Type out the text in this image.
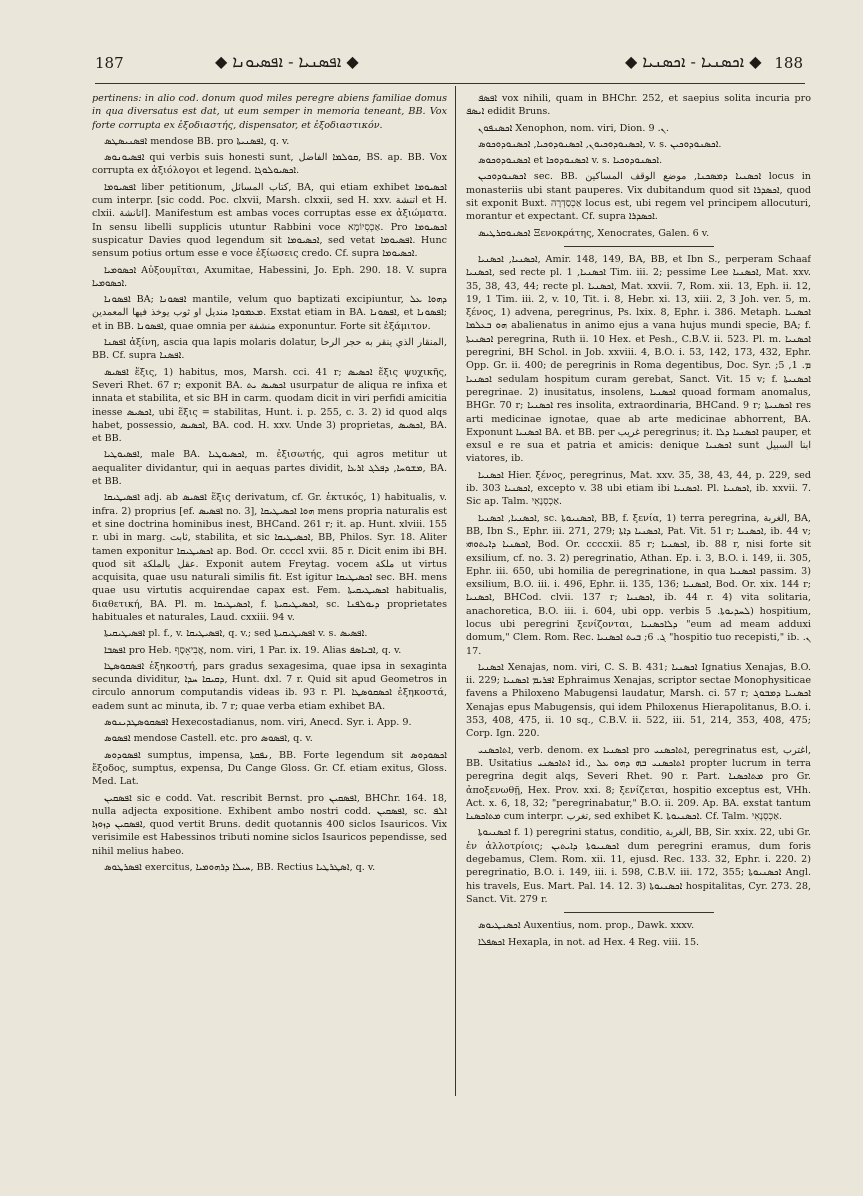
187	◆ ܐܦܣܢܝܐ - ܐܦܣܝܘܢܐ ◆	◆ ܐܟܣܢܝܐ - ܐܟܣܢܝܐ ◆ 188

pertinens: in alio cod. donum quod miles peregre abiens familiae domus in qua diversatus est dat, ut eum semper in memoria teneant, BB. Vox forte corrupta ex ἐξοδιαστής, dispensator, et ἐξοδιαστικόν.

ܐܦܣܢܝܣܛܣ mendose BB. pro ܐܦܣܢܝܬܐ, q. v.

ܐܦܣܝܘܢܘܣ qui verbis suis honesti sunt, ܩܘܠܡܐ الفاضل, BS. ap. BB. Vox corrupta ex ἀξιόλογοι et legend. ܐܟܣܝܘܠܘܓܐ.

ܐܦܣܝܘܡܐ liber petitionum, كتاب المسائل, BA, qui etiam exhibet ܐܟܣܝܘܡܐ cum interpr. [sic codd. Poc. clxvii, Marsh. clxxii, sed H. xxv. اتنشة et H. clxii. اتانشة]. Manifestum est ambas voces corruptas esse ex ἀξιώματα. In sensu libelli supplicis utuntur Rabbini voce אַכְסִיוֹמָא. Pro ܐܟܣܝܘܡܐ suspicatur Davies quod legendum sit ܐܟܣܝܘܡܐ, sed vetat ܐܦܣܝܘܡܐ. Hunc sensum potius ortum esse e voce ἐξίωσεις credo. Cf. supra ܐܟܣܝܘܡܐ.

ܐܟܣܘܡܝܐ Αὐξουμῖται, Axumitae, Habessini, Jo. Eph. 290. 18. V. supra ܐܟܣܘܡܝܐ.

ܐܦܣܘܢܐ BA; ܐܦܣܘܢܐ mantile, velum quo baptizati excipiuntur, ܕܗܘܐ ܥܠ ܡܥܡܘܕܐ منديل او ثوب يوخذ فيها المعمدين. Exstat etiam in BA. ܐܦܣܘܢܐ, et ܐܦܣܘܢܐ; et in BB. ܐܦܣܘܢܐ, quae omnia per منشفة exponuntur. Forte sit ἐξάμιτον.

ܐܦܣܢܐ ἀξίνη, ascia qua lapis molaris dolatur, المنقار الذي ينقر به حجر الرحا, BB. Cf. supra ܐܦܣܢܐ.

ܐܦܣܝܣ ἕξις, 1) habitus, mos, Marsh. cci. 41 r; ܐܟܣܝܣ ἕξις ψυχικῆς, Severi Rhet. 67 r; exponit BA. ܐܟܣܝܣ ܝܬ usurpatur de aliqua re infixa et innata et stabilita, et sic BH in carm. quodam dicit in viri perfidi amicitia inesse ܐܟܣܝܣ, ubi ἕξις = stabilitas, Hunt. i. p. 255, c. 3. 2) id quod alqs habet, possessio, ܐܟܣܝܣ, BA. cod. H. xxv. Unde 3) proprietas, ܐܟܣܝܣ, BA. et BB.

ܐܦܣܝܘܛܝܐ, male BA. ܐܟܣܝܘܛܝܐ, m. ἐξισωτής, qui agros metitur ut aequaliter dividantur, qui in aequas partes dividit, ܡܫܘܚܐ, ܕܦܠܓ ܐܪܥܐ, BA. et BB.

ܐܦܣܝܛܝܩܐ adj. ab ܐܦܣܝܣ ἕξις derivatum, cf. Gr. ἑκτικός, 1) habitualis, v. infra. 2) proprius [ef. ܐܦܣܝܣ no. 3], ܗܘܐ ܐܟܣܝܛܝܩܐ mens propria naturalis est et sine doctrina hominibus inest, BHCand. 261 r; it. ap. Hunt. xlviii. 155 r. ubi in marg. ثابت, stabilita, et sic ܐܟܣܝܛܝܩܐ, BB, Philos. Syr. 18. Aliter tamen exponitur ܐܟܣܝܛܝܩܐ ap. Bod. Or. ccccl xvii. 85 r. Dicit enim ibi BH. quod sit عقل بالملكة. Exponit autem Freytag. vocem ملكة ut virtus acquisita, quae usu naturali similis fit. Est igitur ܐܟܣܝܛܝܩܐ sec. BH. mens quae usu virtutis acquirendae capax est. Fem. ܐܟܣܝܛܝܩܝܬܐ habitualis, διαθετική, BA. Pl. m. ܐܟܣܝܛܝܩܐ, f. ܐܟܣܝܛܝܩܝܬܐ, sc. ܕܝܘܠܦܢܐ proprietates habituales et naturales, Laud. cxxiii. 94 v.

ܐܦܣܝܛܝܩܝܬܐ pl. f., v. ܐܦܣܝܛܝܩܐ, q. v.; sed ܐܦܣܝܛܝܩܝܬܐ v. s. ܐܦܣܝܣ.

ܐܦܣܒܐ pro Heb. אֲבִיאָסָף, nom. viri, 1 Par. ix. 19. Alias ܐܒܝܐܣܦ, q. v.

ܐܦܣܩܘܣܛܐ ἑξηκοστή, pars gradus sexagesima, quae ipsa in sexaginta secunda dividitur, ܕܩܝܩܐ ܚܕܐ, Hunt. dxl. 7 r. Quid sit apud Geometros in circulo annorum computandis videas ib. 93 r. Pl. ܐܟܣܩܘܣܛܐ ἑξηκοστά, eadem sunt ac minuta, ib. 7 r; quae verba etiam exhibet BA.

ܐܦܣܩܘܣܛܕܝܢܘܣ Hexecostadianus, nom. viri, Anecd. Syr. i. App. 9.

ܐܦܣܘܣ mendose Castell. etc. pro ܐܦܣܘܣ, q. v.

ܐܦܣܘܕܘܣ sumptus, impensa, ܢܦܩܬܐ, BB. Forte legendum sit ܐܟܣܘܕܘܣ ἔξοδος, sumptus, expensa, Du Cange Gloss. Gr. Cf. etiam exitus, Gloss. Med. Lat.

ܐܦܣܩܝܢ sic e codd. Vat. rescribit Bernst. pro ܐܦܣܩܝܢ, BHChr. 164. 18, nulla adjecta expositione. Exhibent ambo nostri codd. ܐܦܣܩܝܢ, sc. ܐܠܦ ܐܦܣܩܝܢ ܕܙܘܙܐ, quod vertit Bruns. dedit quotannis 400 siclos Isauricos. Vix verisimile est Habessinos tributi nomine siclos Isauricos pependisse, sed nihil melius habeo.

ܐܦܣܪܛܘܣ exercitus, ܚܝܠܐ ܕܪܗܘܡܝܐ, BB. Rectius ܐܣܛܪܛܝܐ, q. v.

ܐܦܣܦ vox nihili, quam in BHChr. 252, et saepius solita incuria pro ܐܝܣܦ edidit Bruns.

ܐܟܣܢܦܘܢ Xenophon, nom. viri, Dion. ܢ. 9.

ܐܟܣܢܘܕܘܟܝܘܢ, ܐܟܣܢܘܕܘܟܝܐ, ܐܟܣܢܘܕܘܟܘܣ, v. s. ܐܟܣܢܘܕܘܟܝܢ.

ܐܟܣܢܘܕܘܟܘܣ et ܐܟܣܢܘܕܘܟܐ v. s. ܐܟܣܢܘܕܘܟܝܐ.

ܐܟܣܢܘܕܘܟܝܢ sec. BB. ܐܟܣܢܝܐ ܕܡܣܟܢܐ, موضع الوقف المساكين locus in monasteriis ubi stant pauperes. Vix dubitandum quod sit ܐܟܣܕܪܐ, quod sit exponit Buxt. אַכְסַדְרָה locus est, ubi regem vel principem allocuturi, morantur et expectant. Cf. supra ܐܟܣܕܪܐ.

ܐܟܣܢܘܩܪܛܝܣ Ξενοκράτης, Xenocrates, Galen. 6 v.

ܐܟܣܢܝܐ, ܐܟܣܢܝܐ, Amir. 148, 149, BA, BB, et Ibn S., perperam Schaaf ܐܟܣܢܝܐ, sed recte pl. ܐܟܣܢܝܐ, 1 Tim. iii. 2; pessime Lee ܐܟܣܢܝܐ, Mat. xxv. 35, 38, 43, 44; recte pl. ܐܟܣܢܝܐ, Mat. xxvii. 7, Rom. xii. 13, Eph. ii. 12, 19, 1 Tim. iii. 2, v. 10, Tit. i. 8, Hebr. xi. 13, xiii. 2, 3 Joh. ver. 5, m. ξένος, 1) advena, peregrinus, Ps. lxix. 8, Ephr. i. 386. Metaph. ܐܟܣܢܝܐ ܗܘ ܒܥܠܡܐ abalienatus in animo ejus a vana hujus mundi specie, BA; f. ܐܟܣܢܝܬܐ peregrina, Ruth ii. 10 Hex. et Pesh., C.B.V. ii. 523. Pl. m. ܐܟܣܢܝܐ peregrini, BH Schol. in Job. xxviii. 4, B.O. i. 53, 142, 173, 432, Ephr. Opp. Gr. ii. 400; de peregrinis in Roma degentibus, Doc. Syr. ܡ. 1, 5; ܐܟܣܢܝܐ sedulam hospitum curam gerebat, Sanct. Vit. 15 v; f. ܐܟܣܢܝܬܐ peregrinae. 2) inusitatus, insolens, ܐܟܣܢܝܐ quoad formam anomalus, BHGr. 70 r; ܐܟܣܢܝܐ res insolita, extraordinaria, BHCand. 9 r; ܐܟܣܢܝܬܐ res arti medicinae ignotae, quae ab arte medicinae abhorrent, BA. Exponunt ܐܟܣܢܝܐ BA. et BB. per غريب peregrinus; it. ܐܟܣܢܝܐ ܕܠܐ pauper, et exsul e re sua et patria et amicis: denique ܐܟܣܢܝܐ sunt ابنا السبيل viatores, ib.

ܐܟܣܢܝܐ Hier. ξένος, peregrinus, Mat. xxv. 35, 38, 43, 44, p. 229, sed ib. 303 ܐܟܣܢܝܐ, excepto v. 38 ubi etiam ibi ܐܟܣܢܝܐ. Pl. ܐܟܣܢܝܐ, ib. xxvii. 7. Sic ap. Talm. אַכְסְנָאִי.

ܐܟܣܢܝܐ, ܐܟܣܢܝܐ, sc. ܐܟܣܢܝܘܬܐ, BB, f. ξενία, 1) terra peregrina, الغربة, BA, BB, Ibn S., Ephr. iii. 271, 279; ܐܟܣܢܝܐ ܕܐܬܐ, Pat. Vit. 51 r; ܐܟܣܢܝܐ, ib. 44 v; ܐܟܣܢܝܐ ܕܐܝܬܘܗܝ, Bod. Or. ccccxii. 85 r; ܐܟܣܢܝܐ, ib. 88 r, nisi forte sit exsilium, cf. no. 3. 2) peregrinatio, Athan. Ep. i. 3, B.O. i. 149, ii. 305, Ephr. iii. 650, ubi homilia de peregrinatione, in qua ܐܟܣܢܝܐ passim. 3) exsilium, B.O. iii. i. 496, Ephr. ii. 135, 136; ܐܟܣܢܝܐ, Bod. Or. xix. 144 r; ܐܟܣܢܝܐ, BHCod. clvii. 137 r; ܐܟܣܢܝܐ, ib. 44 r. 4) vita solitaria, anachoretica, B.O. iii. i. 604, ubi opp. verbis ܠܚܕܝܘܬܐ. 5) hospitium, locus ubi peregrini ξενίζονται, ܕܠܐܟܣܢܝܐ "eum ad meam adduxi domum," Clem. Rom. Rec. ܓ. 6; ܒܝܬ ܐܟܣܢܝܐ "hospitio tuo recepisti," ib. ܢ. 17.

ܐܟܣܢܝܐ Xenajas, nom. viri, C. S. B. 431; ܐܟܣܢܝܐ Ignatius Xenajas, B.O. ii. 229; ܐܦܪܝܡ ܐܟܣܢܝܐ Ephraimus Xenajas, scriptor sectae Monophysiticae favens a Philoxeno Mabugensi laudatur, Marsh. ci. 57 r; ܐܟܣܢܝܐ ܕܡܒܘܓ Xenajas epus Mabugensis, qui idem Philoxenus Hierapolitanus, B.O. i. 353, 408, 475, ii. 10 sq., C.B.V. ii. 522, iii. 51, 214, 353, 408, 475; Corp. Ign. 220.

ܐܬܐܟܣܢܝ, verb. denom. ex ܐܟܣܢܝܐ pro ܐܬܐܟܣܢܝ, peregrinatus est, اغترب, BB. Usitatius ܐܬܐܟܣܢܝ id., ܐܬܐܟܣܢܝ ܒܗ ܕܗܘ ܥܠ propter lucrum in terra peregrina degit alqs, Severi Rhet. 90 r. Part. ܡܬܐܟܣܢܐ pro Gr. ἀποξενωθῇ, Hex. Prov. xxi. 8; ξενίζεται, hospitio exceptus est, VHh. Act. x. 6, 18, 32; "peregrinabatur," B.O. ii. 209. Ap. BA. exstat tantum ܡܬܐܟܣܢܐ cum interpr. تغرب, sed exhibet K. ܐܟܣܢܝܘܬܐ. Cf. Talm. אַכְסְנָאִי.

ܐܟܣܢܝܘܬܐ f. 1) peregrini status, conditio, الغربة, BB, Sir. xxix. 22, ubi Gr. ἐν ἀλλοτρίοις; ܐܟܣܢܝܘܬܐ ܕܐܝܬܝܢ dum peregrini eramus, dum foris degebamus, Clem. Rom. xii. 11, ejusd. Rec. 133. 32, Ephr. i. 220. 2) peregrinatio, B.O. i. 149, iii. i. 598, C.B.V. iii. 172, 355; ܐܟܣܢܝܘܬܐ Angl. his travels, Eus. Mart. Pal. 14. 12. 3) ܐܟܣܢܝܘܬܐ hospitalitas, Cyr. 273. 28, Sanct. Vit. 279 r.

ܐܟܣܢܛܝܘܣ Auxentius, nom. prop., Dawk. xxxv.

ܐܟܣܦܠܐ Hexapla, in not. ad Hex. 4 Reg. viii. 15.
